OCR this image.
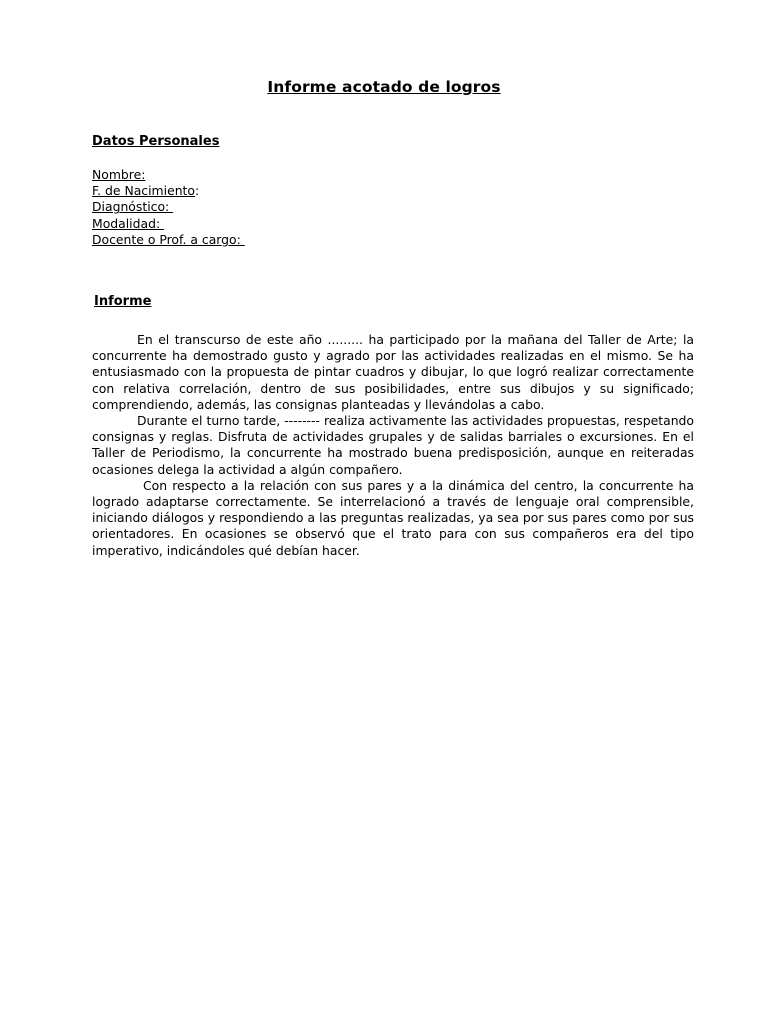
Informe acotado de logros
Datos Personales
Nombre:
F. de Nacimiento:
Diagnóstico:
Modalidad:
Docente o Prof. a cargo:
Informe

En el transcurso de este año ......... ha participado por la mañana del Taller de Arte; la concurrente ha demostrado gusto y agrado por las actividades realizadas en el mismo. Se ha entusiasmado con la propuesta de pintar cuadros y dibujar, lo que logró realizar correctamente con relativa correlación, dentro de sus posibilidades, entre sus dibujos y su significado; comprendiendo, además, las consignas planteadas y llevándolas a cabo.

Durante el turno tarde, -------- realiza activamente las actividades propuestas, respetando consignas y reglas. Disfruta de actividades grupales y de salidas barriales o excursiones. En el Taller de Periodismo, la concurrente ha mostrado buena predisposición, aunque en reiteradas ocasiones delega la actividad a algún compañero.

Con respecto a la relación con sus pares y a la dinámica del centro, la concurrente ha logrado adaptarse correctamente. Se interrelacionó a través de lenguaje oral comprensible, iniciando diálogos y respondiendo a las preguntas realizadas, ya sea por sus pares como por sus orientadores. En ocasiones se observó que el trato para con sus compañeros era del tipo imperativo, indicándoles qué debían hacer.
